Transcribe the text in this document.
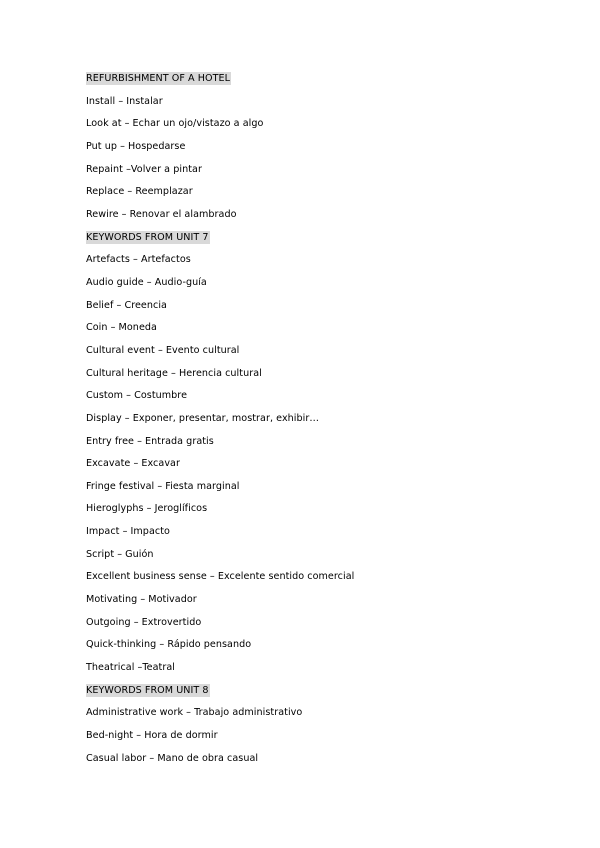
REFURBISHMENT OF A HOTEL
Install – Instalar
Look at – Echar un ojo/vistazo a algo
Put up – Hospedarse
Repaint –Volver a pintar
Replace – Reemplazar
Rewire – Renovar el alambrado
KEYWORDS FROM UNIT 7
Artefacts – Artefactos
Audio guide – Audio-guía
Belief – Creencia
Coin – Moneda
Cultural event – Evento cultural
Cultural heritage – Herencia cultural
Custom – Costumbre
Display – Exponer, presentar, mostrar, exhibir…
Entry free – Entrada gratis
Excavate – Excavar
Fringe festival – Fiesta marginal
Hieroglyphs – Jeroglíficos
Impact – Impacto
Script – Guión
Excellent business sense – Excelente sentido comercial
Motivating – Motivador
Outgoing – Extrovertido
Quick-thinking – Rápido pensando
Theatrical –Teatral
KEYWORDS FROM UNIT 8
Administrative work – Trabajo administrativo
Bed-night – Hora de dormir
Casual labor – Mano de obra casual
